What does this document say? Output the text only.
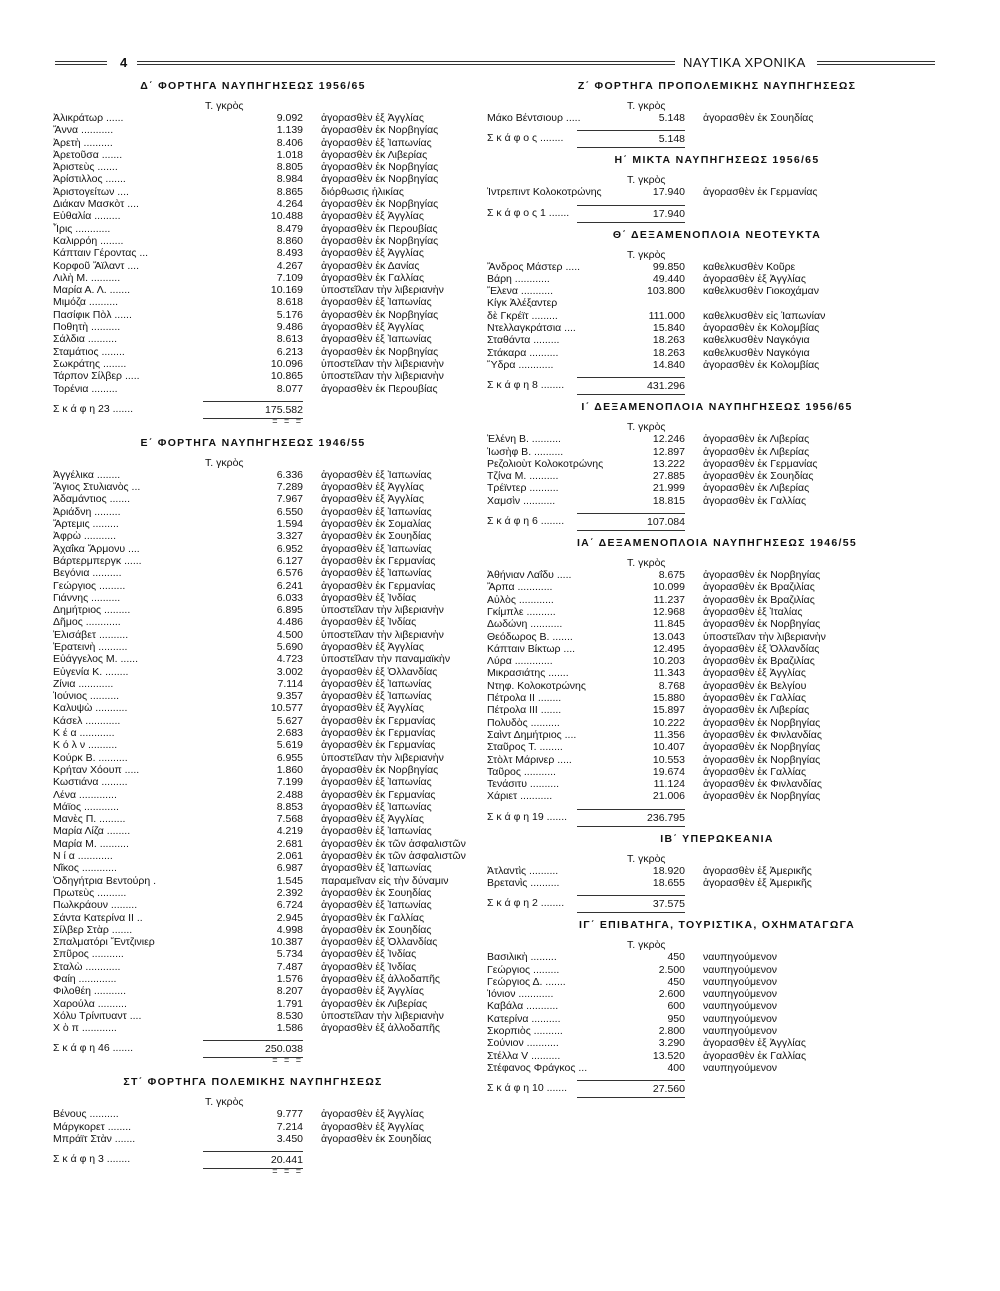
4	ΝΑΥΤΙΚΑ ΧΡΟΝΙΚΑ
Δ΄ ΦΟΡΤΗΓΑ ΝΑΥΠΗΓΗΣΕΩΣ 1956/65
Τ. γκρὸς
Ἀλικράτωρ ......	9.092 ἀγορασθὲν ἐξ Ἀγγλίας
Ἄννα ...........	1.139 ἀγορασθὲν ἐκ Νορβηγίας
Ἀρετὴ ..........	8.406 ἀγορασθὲν ἐξ Ἰαπωνίας
Ἀρετοῦσα .......	1.018 ἀγορασθὲν ἐκ Λιβερίας
Ἀριστεὺς .......	8.805 ἀγορασθὲν ἐκ Νορβηγίας
Ἀρίστιλλος .......	8.984 ἀγορασθὲν ἐκ Νορβηγίας
Ἀριστογείτων ....	8.865 διόρθωσις ἡλικίας
Διάκαν Μασκὸτ ....	4.264 ἀγορασθὲν ἐκ Νορβηγίας
Εὐθαλία .........	10.488 ἀγορασθὲν ἐξ Ἀγγλίας
Ἶρις ............	8.479 ἀγορασθὲν ἐκ Περουβίας
Καλιρρόη ........	8.860 ἀγορασθὲν ἐκ Νορβηγίας
Κάπταιν Γέροντας ...	8.493 ἀγορασθὲν ἐξ Ἀγγλίας
Κορφοῦ Ἄϊλαντ ....	4.267 ἀγορασθὲν ἐκ Δανίας
Λιλὴ Μ. ..........	7.109 ἀγορασθὲν ἐκ Γαλλίας
Μαρία Α. Λ. .......	10.169 ὑποστεῖλαν τὴν λιβεριανὴν
Μιμόζα ..........	8.618 ἀγορασθὲν ἐξ Ἰαπωνίας
Πασίφικ Πὸλ ......	5.176 ἀγορασθὲν ἐκ Νορβηγίας
Ποθητὴ ..........	9.486 ἀγορασθὲν ἐξ Ἀγγλίας
Σάλδια ..........	8.613 ἀγορασθὲν ἐξ Ἰαπωνίας
Σταμάτιος ........	6.213 ἀγορασθὲν ἐκ Νορβηγίας
Σωκράτης ........	10.096 ὑποστεῖλαν τὴν λιβεριανὴν
Τάρπον Σίλβερ .....	10.865 ὑποστεῖλαν τὴν λιβεριανὴν
Τορένια .........	8.077 ἀγορασθὲν ἐκ Περουβίας
Σ κ ά φ η 23 .......	175.582
= = =
Ε΄ ΦΟΡΤΗΓΑ ΝΑΥΠΗΓΗΣΕΩΣ 1946/55
Τ. γκρὸς
Ἀγγέλικα ........	6.336 ἀγορασθὲν ἐξ Ἰαπωνίας
Ἅγιος Στυλιανὸς ...	7.289 ἀγορασθὲν ἐξ Ἀγγλίας
Ἀδαμάντιος .......	7.967 ἀγορασθὲν ἐξ Ἀγγλίας
Ἀριάδνη .........	6.550 ἀγορασθὲν ἐξ Ἰαπωνίας
Ἄρτεμις .........	1.594 ἀγορασθὲν ἐκ Σομαλίας
Ἀφρὼ ...........	3.327 ἀγορασθὲν ἐκ Σουηδίας
Ἀχαΐκα Ἄρμονυ ....	6.952 ἀγορασθὲν ἐξ Ἰαπωνίας
Βάρτερμπεργκ ......	6.127 ἀγορασθὲν ἐκ Γερμανίας
Βεγόνια ..........	6.576 ἀγορασθὲν ἐξ Ἰαπωνίας
Γεώργιος .........	6.241 ἀγορασθὲν ἐκ Γερμανίας
Γιάννης ..........	6.033 ἀγορασθὲν ἐξ Ἰνδίας
Δημήτριος .........	6.895 ὑποστεῖλαν τὴν λιβεριανὴν
Δῆμος ............	4.486 ἀγορασθὲν ἐξ Ἰνδίας
Ἐλισάβετ ..........	4.500 ὑποστεῖλαν τὴν λιβεριανὴν
Ἐρατεινὴ ..........	5.690 ἀγορασθὲν ἐξ Ἀγγλίας
Εὐάγγελος Μ. ......	4.723 ὑποστεῖλαν τὴν παναμαϊκὴν
Εὐγενία Κ. ........	3.002 ἀγορασθὲν ἐξ Ὁλλανδίας
Ζίνια ............	7.114 ἀγορασθὲν ἐξ Ἰαπωνίας
Ἰούνιος ..........	9.357 ἀγορασθὲν ἐξ Ἰαπωνίας
Καλυψὼ ...........	10.577 ἀγορασθὲν ἐξ Ἀγγλίας
Κάσελ ............	5.627 ἀγορασθὲν ἐκ Γερμανίας
Κ έ α ............	2.683 ἀγορασθὲν ἐκ Γερμανίας
Κ ό λ ν ..........	5.619 ἀγορασθὲν ἐκ Γερμανίας
Κούρκ Β. ..........	6.955 ὑποστεῖλαν τὴν λιβεριανὴν
Κρήταν Χόουπ .....	1.860 ἀγορασθὲν ἐκ Νορβηγίας
Κωστιάνα .........	7.199 ἀγορασθὲν ἐξ Ἰαπωνίας
Λένα .............	2.488 ἀγορασθὲν ἐκ Γερμανίας
Μάϊος ............	8.853 ἀγορασθὲν ἐξ Ἰαπωνίας
Μανὲς Π. .........	7.568 ἀγορασθὲν ἐξ Ἀγγλίας
Μαρία Λίζα ........	4.219 ἀγορασθὲν ἐξ Ἰαπωνίας
Μαρία Μ. ..........	2.681 ἀγορασθὲν ἐκ τῶν ἀσφαλιστῶν
Ν ί α ............	2.061 ἀγορασθὲν ἐκ τῶν ἀσφαλιστῶν
Νῖκος ............	6.987 ἀγορασθὲν ἐξ Ἰαπωνίας
Ὁδηγήτρια Βεντούρη .	1.545 παραμεῖναν εἰς τὴν δύναμιν
Πρωτεὺς ..........	2.392 ἀγορασθὲν ἐκ Σουηδίας
Πωλκράουν .........	6.724 ἀγορασθὲν ἐξ Ἰαπωνίας
Σάντα Κατερίνα ΙΙ ..	2.945 ἀγορασθὲν ἐκ Γαλλίας
Σίλβερ Στὰρ .......	4.998 ἀγορασθὲν ἐκ Σουηδίας
Σπαλματόρι Ἔντζινιερ	10.387 ἀγορασθὲν ἐξ Ὁλλανδίας
Σπῦρος ...........	5.734 ἀγορασθὲν ἐξ Ἰνδίας
Σταλὼ ............	7.487 ἀγορασθὲν ἐξ Ἰνδίας
Φαίη .............	1.576 ἀγορασθὲν ἐξ ἀλλοδαπῆς
Φιλοθέη ...........	8.207 ἀγορασθὲν ἐξ Ἀγγλίας
Χαρούλα ..........	1.791 ἀγορασθὲν ἐκ Λιβερίας
Χόλυ Τρίνιτυαντ ....	8.530 ὑποστεῖλαν τὴν λιβεριανὴν
Χ ὸ π ............	1.586 ἀγορασθὲν ἐξ ἀλλοδαπῆς
Σ κ ά φ η 46 .......	250.038
= = =
ΣΤ΄ ΦΟΡΤΗΓΑ ΠΟΛΕΜΙΚΗΣ ΝΑΥΠΗΓΗΣΕΩΣ
Τ. γκρὸς
Βένους ..........	9.777 ἀγορασθὲν ἐξ Ἀγγλίας
Μάργκορετ ........	7.214 ἀγορασθὲν ἐξ Ἀγγλίας
Μπράϊτ Στὰν .......	3.450 ἀγορασθὲν ἐκ Σουηδίας
Σ κ ά φ η 3 ........	20.441
= = =
Ζ΄ ΦΟΡΤΗΓΑ ΠΡΟΠΟΛΕΜΙΚΗΣ ΝΑΥΠΗΓΗΣΕΩΣ
Τ. γκρὸς
Μάκο Βέντσιουρ .....	5.148 ἀγορασθὲν ἐκ Σουηδίας
Σ κ ά φ ο ς ........	5.148
Η΄ ΜΙΚΤΑ ΝΑΥΠΗΓΗΣΕΩΣ 1956/65
Τ. γκρὸς
Ἰντρεπιντ Κολοκοτρώνης	17.940 ἀγορασθὲν ἐκ Γερμανίας
Σ κ ά φ ο ς 1 .......	17.940
Θ΄ ΔΕΞΑΜΕΝΟΠΛΟΙΑ ΝΕΟΤΕΥΚΤΑ
Τ. γκρὸς
Ἄνδρος Μάστερ .....	99.850 καθελκυσθὲν Κοῦρε
Βάρη ............	49.440 ἀγορασθὲν ἐξ Ἀγγλίας
Ἔλενα ...........	103.800 καθελκυσθὲν Γιοκοχάμαν
Κίγκ Ἀλέξαντερ
δὲ Γκρέϊτ .........	111.000 καθελκυσθὲν εἰς Ἰαπωνίαν
Ντελλαγκράτσια ....	15.840 ἀγορασθὲν ἐκ Κολομβίας
Σταθάντα .........	18.263 καθελκυσθὲν Ναγκόγια
Στάκαρα ..........	18.263 καθελκυσθὲν Ναγκόγια
Ὕδρα ............	14.840 ἀγορασθὲν ἐκ Κολομβίας
Σ κ ά φ η 8 ........	431.296
Ι΄ ΔΕΞΑΜΕΝΟΠΛΟΙΑ ΝΑΥΠΗΓΗΣΕΩΣ 1956/65
Τ. γκρὸς
Ἐλένη Β. ..........	12.246 ἀγορασθὲν ἐκ Λιβερίας
Ἰωσὴφ Β. ..........	12.897 ἀγορασθὲν ἐκ Λιβερίας
Ρεζολιοὺτ Κολοκοτρώνης	13.222 ἀγορασθὲν ἐκ Γερμανίας
Τζίνα Μ. ..........	27.885 ἀγορασθὲν ἐκ Σουηδίας
Τρέϊντερ ..........	21.999 ἀγορασθὲν ἐκ Λιβερίας
Χαμσὶν ...........	18.815 ἀγορασθὲν ἐκ Γαλλίας
Σ κ ά φ η 6 ........	107.084
ΙΑ΄ ΔΕΞΑΜΕΝΟΠΛΟΙΑ ΝΑΥΠΗΓΗΣΕΩΣ 1946/55
Τ. γκρὸς
Ἀθήνιαν Λαΐδυ .....	8.675 ἀγορασθὲν ἐκ Νορβηγίας
Ἄρπα ............	10.099 ἀγορασθὲν ἐκ Βραζιλίας
Αὐλὸς ............	11.237 ἀγορασθὲν ἐκ Βραζιλίας
Γκίμπλε ..........	12.968 ἀγορασθὲν ἐξ Ἰταλίας
Δωδώνη ...........	11.845 ἀγορασθὲν ἐκ Νορβηγίας
Θεόδωρος Β. .......	13.043 ὑποστεῖλαν τὴν λιβεριανὴν
Κάπταιν Βίκτωρ ....	12.495 ἀγορασθὲν ἐξ Ὁλλανδίας
Λύρα .............	10.203 ἀγορασθὲν ἐκ Βραζιλίας
Μικρασιάτης .......	11.343 ἀγορασθὲν ἐξ Ἀγγλίας
Ντηφ. Κολοκοτρώνης	8.768 ἀγορασθὲν ἐκ Βελγίου
Πέτρολα ΙΙ ........	15.880 ἀγορασθὲν ἐκ Γαλλίας
Πέτρολα ΙΙΙ .......	15.897 ἀγορασθὲν ἐκ Λιβερίας
Πολυδὸς ..........	10.222 ἀγορασθὲν ἐκ Νορβηγίας
Σαὶντ Δημήτριος ....	11.356 ἀγορασθὲν ἐκ Φινλανδίας
Σταῦρος Τ. ........	10.407 ἀγορασθὲν ἐκ Νορβηγίας
Στὸλτ Μάρινερ .....	10.553 ἀγορασθὲν ἐκ Νορβηγίας
Ταῦρος ...........	19.674 ἀγορασθὲν ἐκ Γαλλίας
Τενάσιτυ ..........	11.124 ἀγορασθὲν ἐκ Φινλανδίας
Χάριετ ...........	21.006 ἀγορασθὲν ἐκ Νορβηγίας
Σ κ ά φ η 19 .......	236.795
ΙΒ΄ ΥΠΕΡΩΚΕΑΝΙΑ
Τ. γκρὸς
Ἀτλαντὶς ..........	18.920 ἀγορασθὲν ἐξ Ἀμερικῆς
Βρετανὶς ..........	18.655 ἀγορασθὲν ἐξ Ἀμερικῆς
Σ κ ά φ η 2 ........	37.575
ΙΓ΄ ΕΠΙΒΑΤΗΓΑ, ΤΟΥΡΙΣΤΙΚΑ, ΟΧΗΜΑΤΑΓΩΓΑ
Τ. γκρὸς
Βασιλικὴ .........	450 ναυπηγούμενον
Γεώργιος .........	2.500 ναυπηγούμενον
Γεώργιος Δ. .......	450 ναυπηγούμενον
Ἰόνιον ............	2.600 ναυπηγούμενον
Καβάλα ...........	600 ναυπηγούμενον
Κατερίνα ..........	950 ναυπηγούμενον
Σκορπιὸς ..........	2.800 ναυπηγούμενον
Σούνιον ...........	3.290 ἀγορασθὲν ἐξ Ἀγγλίας
Στέλλα V ..........	13.520 ἀγορασθὲν ἐκ Γαλλίας
Στέφανος Φράγκος ...	400 ναυπηγούμενον
Σ κ ά φ η 10 .......	27.560
